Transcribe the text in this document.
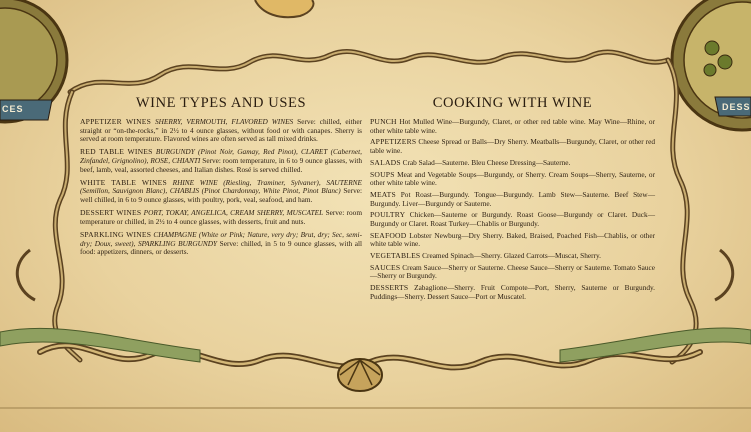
CES	DESS
WINE TYPES AND USES

APPETIZER WINES SHERRY, VERMOUTH, FLAVORED WINES Serve: chilled, either straight or “on-the-rocks,” in 2½ to 4 ounce glasses, without food or with canapes. Sherry is served at room temperature. Flavored wines are often served as tall mixed drinks.

RED TABLE WINES BURGUNDY (Pinot Noir, Gamay, Red Pinot), CLARET (Cabernet, Zinfandel, Grignolino), ROSE, CHIANTI Serve: room temperature, in 6 to 9 ounce glasses, with beef, lamb, veal, assorted cheeses, and Italian dishes. Rosé is served chilled.

WHITE TABLE WINES RHINE WINE (Riesling, Traminer, Sylvaner), SAUTERNE (Semillon, Sauvignon Blanc), CHABLIS (Pinot Chardonnay, White Pinot, Pinot Blanc) Serve: well chilled, in 6 to 9 ounce glasses, with poultry, pork, veal, seafood, and ham.

DESSERT WINES PORT, TOKAY, ANGELICA, CREAM SHERRY, MUSCATEL Serve: room temperature or chilled, in 2½ to 4 ounce glasses, with desserts, fruit and nuts.

SPARKLING WINES CHAMPAGNE (White or Pink; Nature, very dry; Brut, dry; Sec, semi-dry; Doux, sweet), SPARKLING BURGUNDY Serve: chilled, in 5 to 9 ounce glasses, with all food: appetizers, dinners, or desserts.

COOKING WITH WINE

PUNCH Hot Mulled Wine—Burgundy, Claret, or other red table wine. May Wine—Rhine, or other white table wine.

APPETIZERS Cheese Spread or Balls—Dry Sherry. Meatballs—Burgundy, Claret, or other red table wine.

SALADS Crab Salad—Sauterne. Bleu Cheese Dressing—Sauterne.

SOUPS Meat and Vegetable Soups—Burgundy, or Sherry. Cream Soups—Sherry, Sauterne, or other white table wine.

MEATS Pot Roast—Burgundy. Tongue—Burgundy. Lamb Stew—Sauterne. Beef Stew—Burgundy. Liver—Burgundy or Sauterne.

POULTRY Chicken—Sauterne or Burgundy. Roast Goose—Burgundy or Claret. Duck—Burgundy or Claret. Roast Turkey—Chablis or Burgundy.

SEAFOOD Lobster Newburg—Dry Sherry. Baked, Braised, Poached Fish—Chablis, or other white table wine.

VEGETABLES Creamed Spinach—Sherry. Glazed Carrots—Muscat, Sherry.

SAUCES Cream Sauce—Sherry or Sauterne. Cheese Sauce—Sherry or Sauterne. Tomato Sauce—Sherry or Burgundy.

DESSERTS Zabaglione—Sherry. Fruit Compote—Port, Sherry, Sauterne or Burgundy. Puddings—Sherry. Dessert Sauce—Port or Muscatel.
